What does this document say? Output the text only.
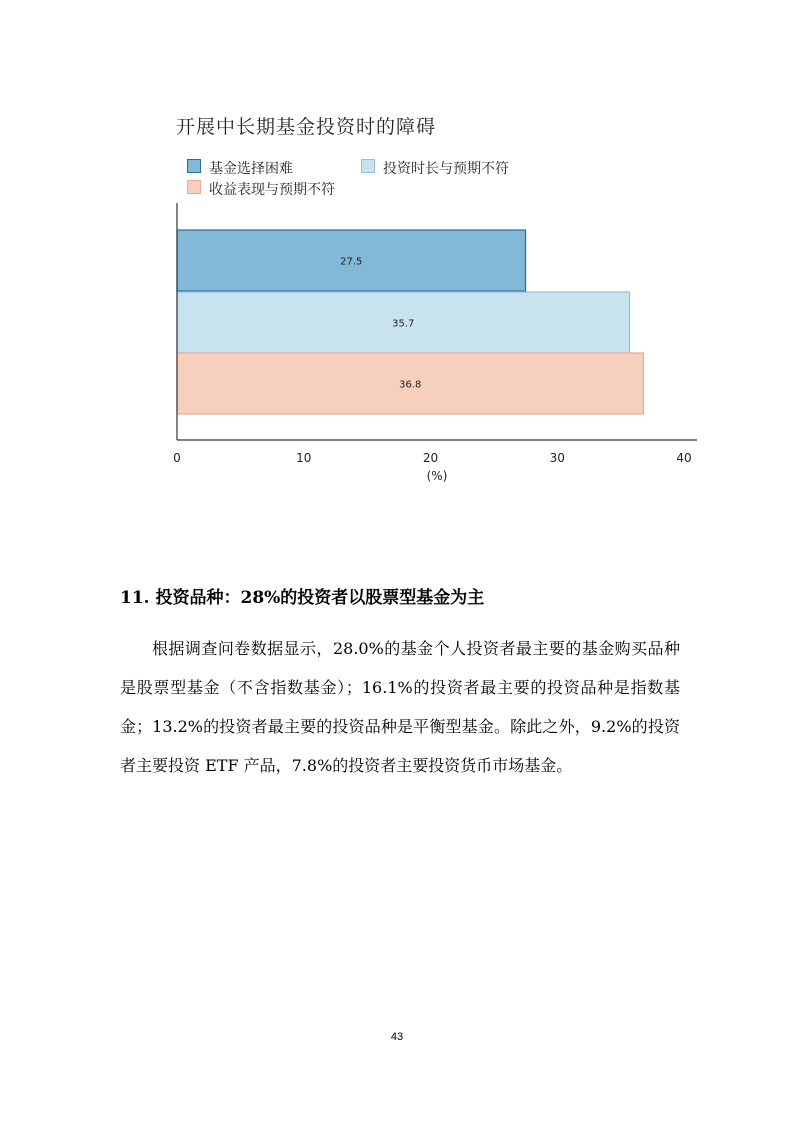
开展中长期基金投资时的障碍
基金选择困难	投资时长与预期不符
收益表现与预期不符
27.5
35.7
36.8
0	10	20	30	40
(%)
11. 投资品种：28%的投资者以股票型基金为主
根据调查问卷数据显示，28.0%的基金个人投资者最主要的基金购买品种是股票型基金（不含指数基金）；16.1%的投资者最主要的投资品种是指数基金；13.2%的投资者最主要的投资品种是平衡型基金。除此之外，9.2%的投资者主要投资 ETF 产品，7.8%的投资者主要投资货币市场基金。
43
